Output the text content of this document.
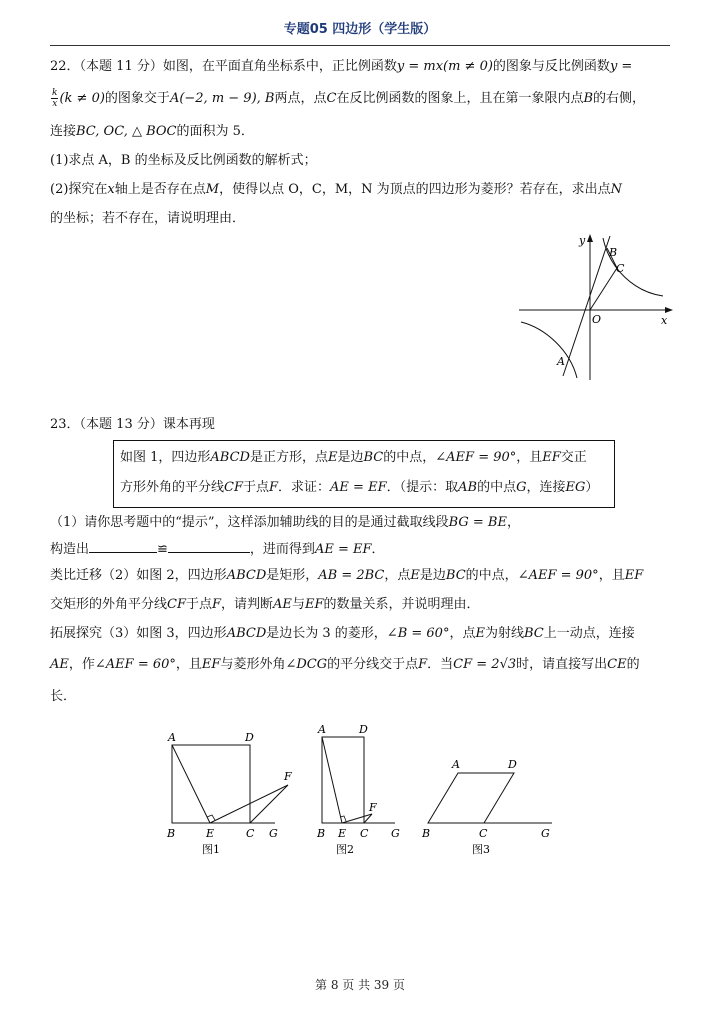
专题05 四边形（学生版）
22．（本题 11 分）如图，在平面直角坐标系中，正比例函数y = mx(m ≠ 0)的图象与反比例函数y =
$\frac{k}{x} (k \ne 0)$的图象交于A(−2, m − 9), B两点，点C在反比例函数的图象上，且在第一象限内点B的右侧，
连接BC, OC, △ BOC的面积为 5．
(1)求点 A，B 的坐标及反比例函数的解析式；
(2)探究在x轴上是否存在点M，使得以点 O，C，M，N 为顶点的四边形为菱形？若存在，求出点N
的坐标；若不存在，请说明理由．
y
x
O
B
C
A
23．（本题 13 分）课本再现
如图 1，四边形ABCD是正方形，点E是边BC的中点，∠AEF = 90°，且EF交正
方形外角的平分线CF于点F．求证：AE = EF．（提示：取AB的中点G，连接EG）
（1）请你思考题中的“提示”，这样添加辅助线的目的是通过截取线段BG = BE，
构造出	≌	，进而得到AE = EF．
类比迁移（2）如图 2，四边形ABCD是矩形，AB = 2BC，点E是边BC的中点，∠AEF = 90°，且EF
交矩形的外角平分线CF于点F，请判断AE与EF的数量关系，并说明理由．
拓展探究（3）如图 3，四边形ABCD是边长为 3 的菱形，∠B = 60°，点E为射线BC上一动点，连接
AE，作∠AEF = 60°，且EF与菱形外角∠DCG的平分线交于点F．当CF = 2√3时，请直接写出CE的
长．
A	D
F
B	E	C G
图1
A	D
F
B E C G
图2
A	D
B	C	G
图3
第 8 页 共 39 页
